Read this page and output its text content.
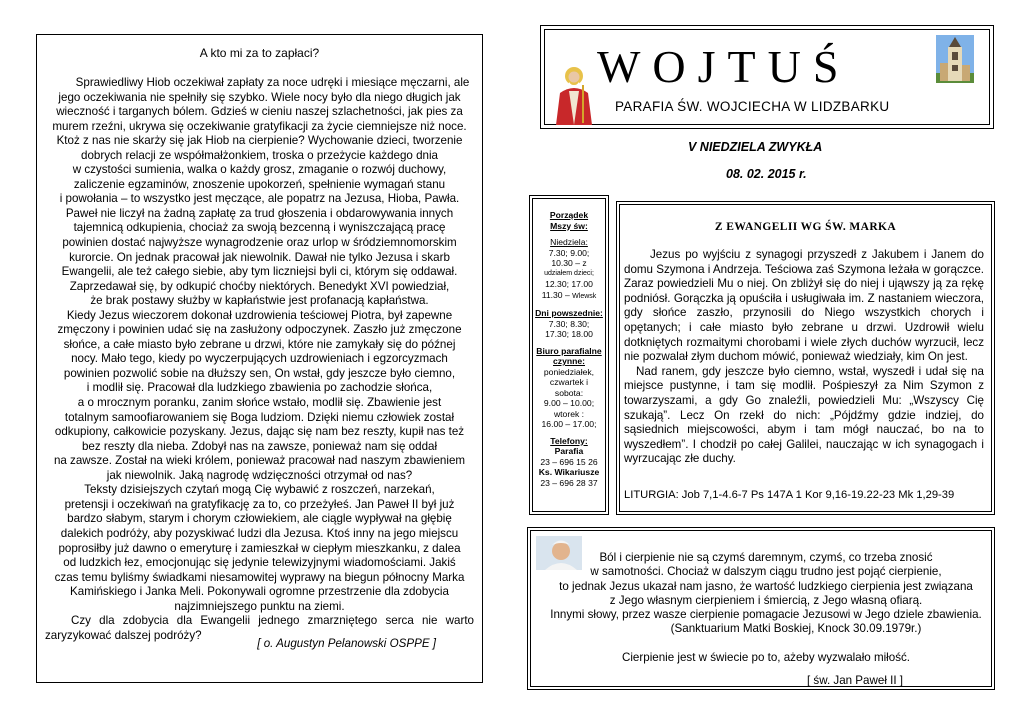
A kto mi za to zapłaci?

Sprawiedliwy Hiob oczekiwał zapłaty za noce udręki i miesiące męczarni, ale

jego oczekiwania nie spełniły się szybko. Wiele nocy było dla niego długich jak

wieczność i targanych bólem. Gdzieś w cieniu naszej szlachetności, jak pies za

murem rzeźni, ukrywa się oczekiwanie gratyfikacji za życie ciemniejsze niż noce.

Ktoż z nas nie skarży się jak Hiob na cierpienie? Wychowanie dzieci, tworzenie

dobrych relacji ze współmałżonkiem, troska o przeżycie każdego dnia

w czystości sumienia, walka o każdy grosz, zmaganie o rozwój duchowy,

zaliczenie egzaminów, znoszenie upokorzeń, spełnienie wymagań stanu

i powołania – to wszystko jest męczące, ale popatrz na Jezusa, Hioba, Pawła.

Paweł nie liczył na żadną zapłatę za trud głoszenia i obdarowywania innych

tajemnicą odkupienia, chociaż za swoją bezcenną i wyniszczającą pracę

powinien dostać najwyższe wynagrodzenie oraz urlop w śródziemnomorskim

kurorcie. On jednak pracował jak niewolnik. Dawał nie tylko Jezusa i skarb

Ewangelii, ale też całego siebie, aby tym liczniejsi byli ci, którym się oddawał.

Zaprzedawał się, by odkupić choćby niektórych. Benedykt XVI powiedział,

że brak postawy służby w kapłaństwie jest profanacją kapłaństwa.

Kiedy Jezus wieczorem dokonał uzdrowienia teściowej Piotra, był zapewne

zmęczony i powinien udać się na zasłużony odpoczynek. Zaszło już zmęczone

słońce, a całe miasto było zebrane u drzwi, które nie zamykały się do późnej

nocy. Mało tego, kiedy po wyczerpujących uzdrowieniach i egzorcyzmach

powinien pozwolić sobie na dłuższy sen, On wstał, gdy jeszcze było ciemno,

i modlił się. Pracował dla ludzkiego zbawienia po zachodzie słońca,

a o mrocznym poranku, zanim słońce wstało, modlił się. Zbawienie jest

totalnym samoofiarowaniem się Boga ludziom. Dzięki niemu człowiek został

odkupiony, całkowicie pozyskany. Jezus, dając się nam bez reszty, kupił nas też

bez reszty dla nieba. Zdobył nas na zawsze, ponieważ nam się oddał

na zawsze. Został na wieki królem, ponieważ pracował nad naszym zbawieniem

jak niewolnik. Jaką nagrodę wdzięczności otrzymał od nas?

Teksty dzisiejszych czytań mogą Cię wybawić z roszczeń, narzekań,

pretensji i oczekiwań na gratyfikację za to, co przeżyłeś. Jan Paweł II był już

bardzo słabym, starym i chorym człowiekiem, ale ciągle wypływał na głębię

dalekich podróży, aby pozyskiwać ludzi dla Jezusa. Ktoś inny na jego miejscu

poprosiłby już dawno o emeryturę i zamieszkał w ciepłym mieszkanku, z dalea

od ludzkich łez, emocjonując się jedynie telewizyjnymi wiadomościami. Jakiś

czas temu byliśmy świadkami niesamowitej wyprawy na biegun północny Marka

Kamińskiego i Janka Meli. Pokonywali ogromne przestrzenie dla zdobycia

najzimniejszego punktu na ziemi.

Czy dla zdobycia dla Ewangelii jednego zmarzniętego serca nie warto zaryzykować dalszej podróży?

[ o. Augustyn Pelanowski OSPPE ]
WOJTUŚ
PARAFIA ŚW. WOJCIECHA W LIDZBARKU
V NIEDZIELA ZWYKŁA
08. 02. 2015 r.
Porządek
Mszy św:
Niedziela:
7.30; 9.00;
10.30 – z
udziałem dzieci;
12.30; 17.00
11.30 – Wlewsk
Dni powszednie:
7.30; 8.30;
17.30; 18.00
Biuro parafialne
czynne:
poniedziałek,
czwartek i
sobota:
9.00 – 10.00;
wtorek :
16.00 – 17.00;
Telefony:
Parafia
23 – 696 15 26
Ks. Wikariusze
23 – 696 28 37
Z EWANGELII WG ŚW. MARKA

Jezus po wyjściu z synagogi przyszedł z Jakubem i Janem do domu Szymona i Andrzeja. Teściowa zaś Szymona leżała w gorączce. Zaraz powiedzieli Mu o niej. On zbliżył się do niej i ująwszy ją za rękę podniósł. Gorączka ją opuściła i usługiwała im. Z nastaniem wieczora, gdy słońce zaszło, przynosili do Niego wszystkich chorych i opętanych; i całe miasto było zebrane u drzwi. Uzdrowił wielu dotkniętych rozmaitymi chorobami i wiele złych duchów wyrzucił, lecz nie pozwalał złym duchom mówić, ponieważ wiedziały, kim On jest.

Nad ranem, gdy jeszcze było ciemno, wstał, wyszedł i udał się na miejsce pustynne, i tam się modlił. Pośpieszył za Nim Szymon z towarzyszami, a gdy Go znaleźli, powiedzieli Mu: „Wszyscy Cię szukają”. Lecz On rzekł do nich: „Pójdźmy gdzie indziej, do sąsiednich miejscowości, abym i tam mógł nauczać, bo na to wyszedłem”. I chodził po całej Galilei, nauczając w ich synagogach i wyrzucając złe duchy.

LITURGIA: Job 7,1-4.6-7 Ps 147A 1 Kor 9,16-19.22-23 Mk 1,29-39

Ból i cierpienie nie są czymś daremnym, czymś, co trzeba znosić

w samotności. Chociaż w dalszym ciągu trudno jest pojąć cierpienie,

to jednak Jezus ukazał nam jasno, że wartość ludzkiego cierpienia jest związana

z Jego własnym cierpieniem i śmiercią, z Jego własną ofiarą.

Innymi słowy, przez wasze cierpienie pomagacie Jezusowi w Jego dziele zbawienia.

(Sanktuarium Matki Boskiej, Knock 30.09.1979r.)

Cierpienie jest w świecie po to, ażeby wyzwalało miłość.

[ św. Jan Paweł II ]
